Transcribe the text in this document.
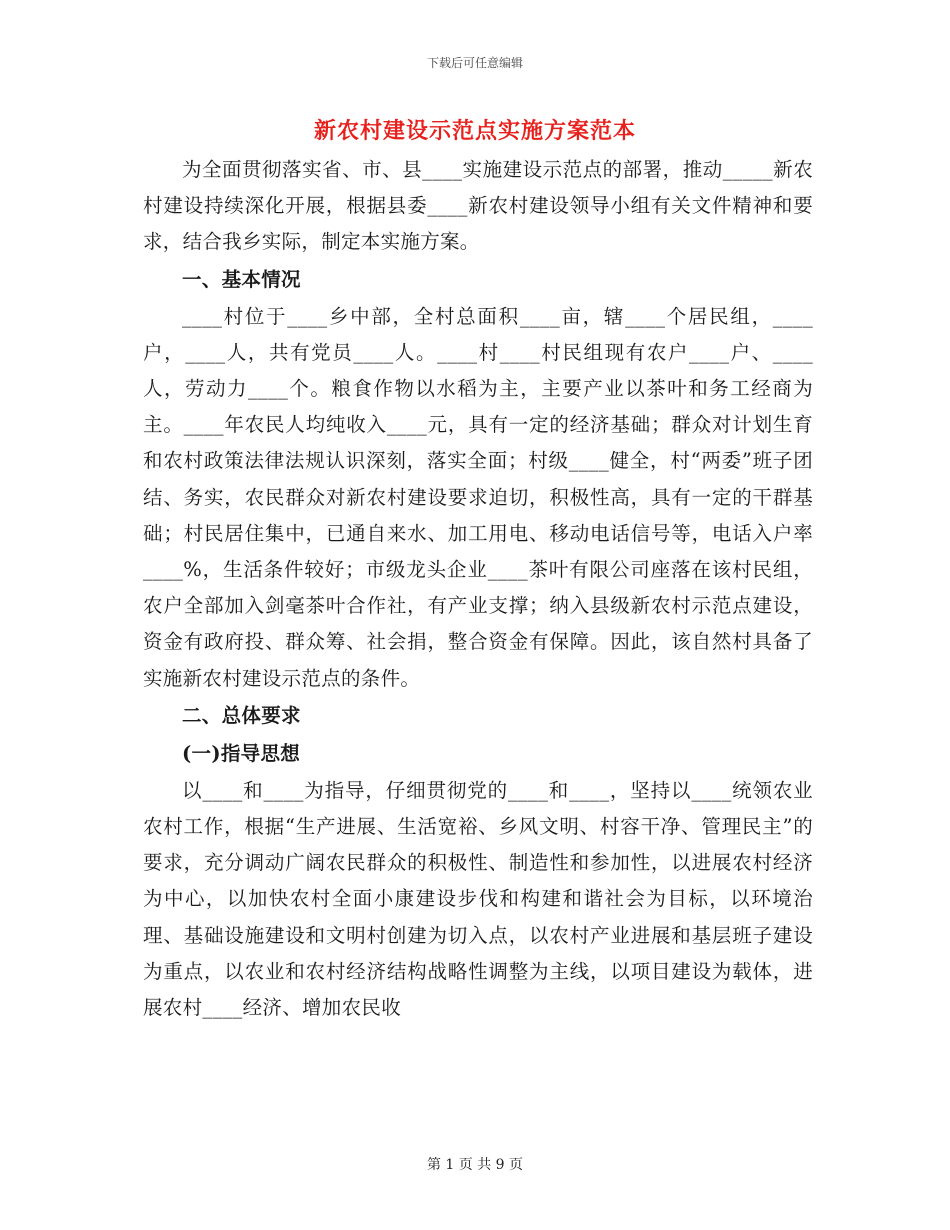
下载后可任意编辑
新农村建设示范点实施方案范本

为全面贯彻落实省、市、县____实施建设示范点的部署，推动_____新农村建设持续深化开展，根据县委____新农村建设领导小组有关文件精神和要求，结合我乡实际，制定本实施方案。

一、基本情况

____村位于____乡中部，全村总面积____亩，辖____个居民组，____户，____人，共有党员____人。____村____村民组现有农户____户、____人，劳动力____个。粮食作物以水稻为主，主要产业以茶叶和务工经商为主。____年农民人均纯收入____元，具有一定的经济基础；群众对计划生育和农村政策法律法规认识深刻，落实全面；村级____健全，村“两委”班子团结、务实，农民群众对新农村建设要求迫切，积极性高，具有一定的干群基础；村民居住集中，已通自来水、加工用电、移动电话信号等，电话入户率____%，生活条件较好；市级龙头企业____茶叶有限公司座落在该村民组，农户全部加入剑毫茶叶合作社，有产业支撑；纳入县级新农村示范点建设，资金有政府投、群众筹、社会捐，整合资金有保障。因此，该自然村具备了实施新农村建设示范点的条件。

二、总体要求
(一)指导思想

以____和____为指导，仔细贯彻党的____和____，坚持以____统领农业农村工作，根据“生产进展、生活宽裕、乡风文明、村容干净、管理民主”的要求，充分调动广阔农民群众的积极性、制造性和参加性，以进展农村经济为中心，以加快农村全面小康建设步伐和构建和谐社会为目标，以环境治理、基础设施建设和文明村创建为切入点，以农村产业进展和基层班子建设为重点，以农业和农村经济结构战略性调整为主线，以项目建设为载体，进展农村____经济、增加农民收

第 1 页 共 9 页
